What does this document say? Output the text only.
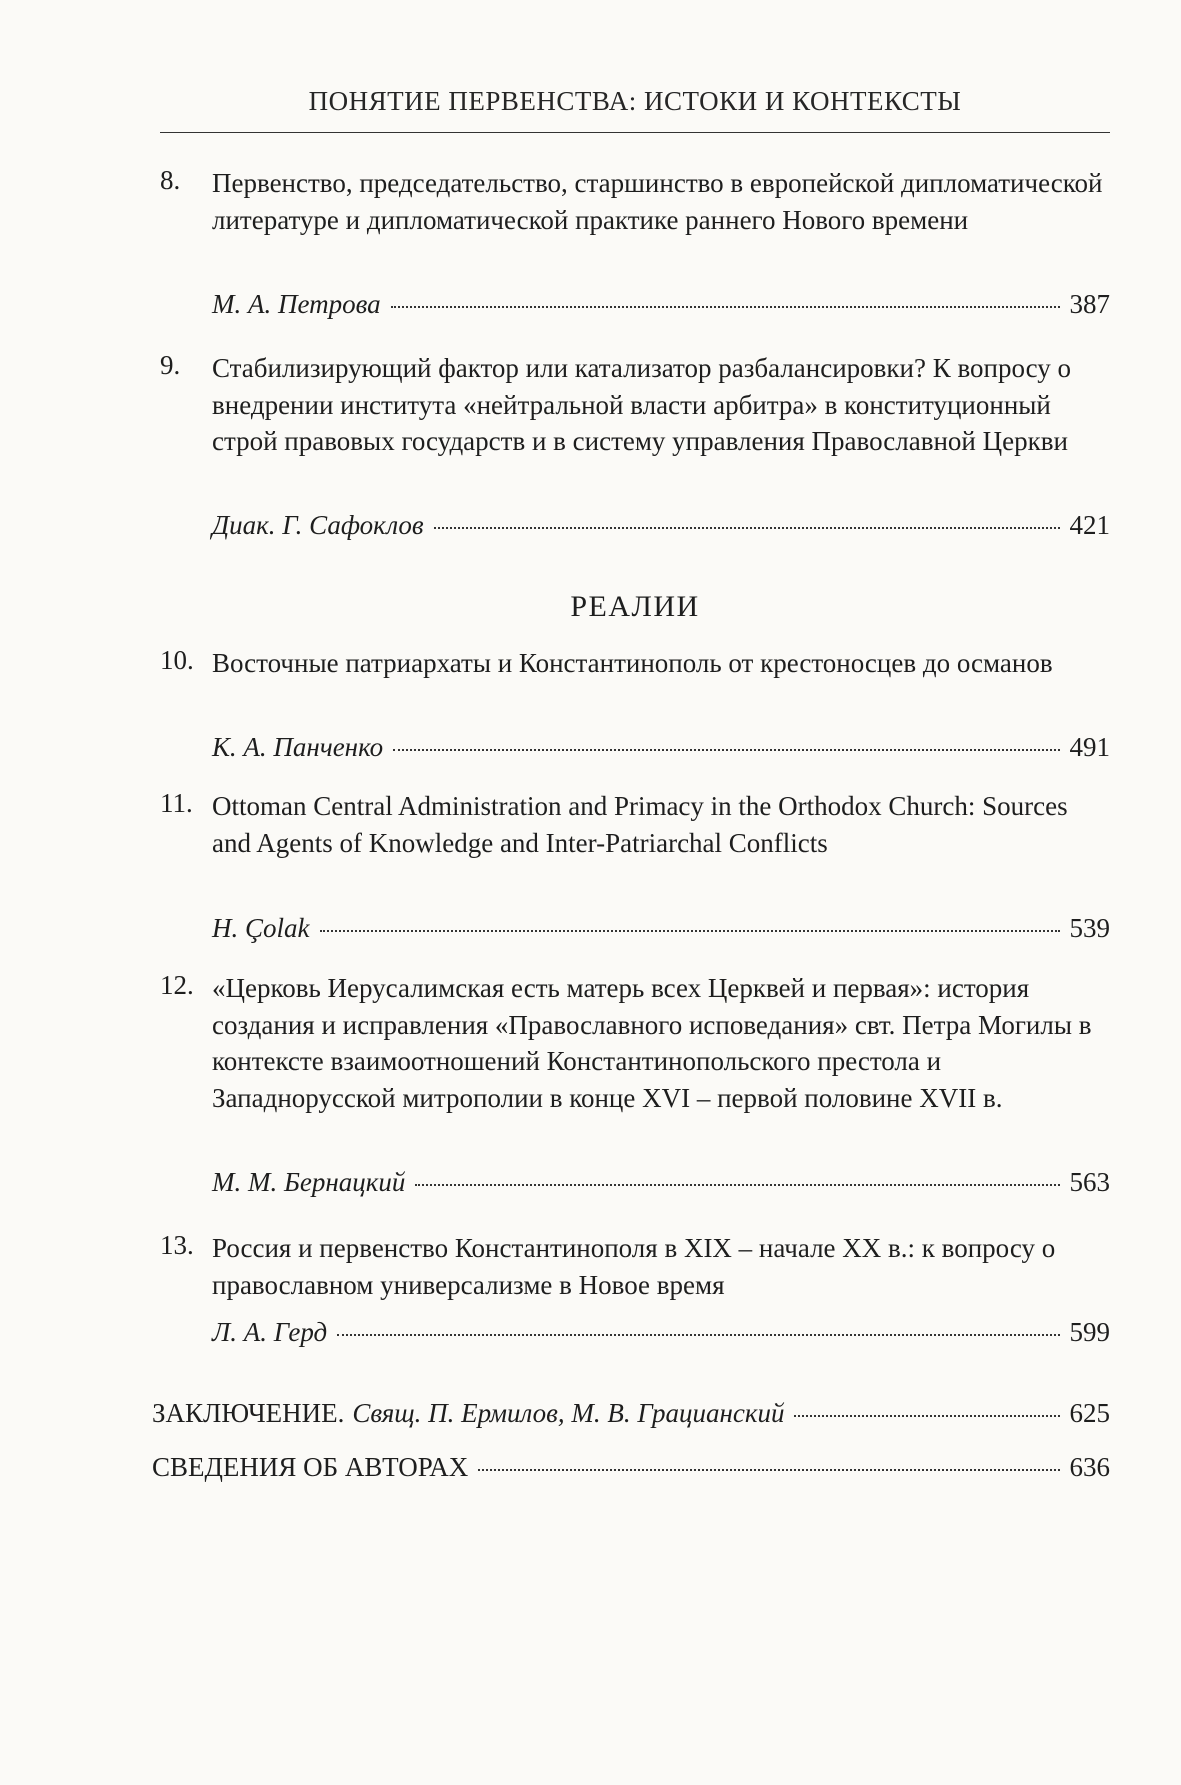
ПОНЯТИЕ ПЕРВЕНСТВА: ИСТОКИ И КОНТЕКСТЫ
8. Первенство, председательство, старшинство в европейской дипломатической литературе и дипломатической практике раннего Нового времени
М. А. Петрова	387
9. Стабилизирующий фактор или катализатор разбалансировки? К вопросу о внедрении института «нейтральной власти арбитра» в конституционный строй правовых государств и в систему управления Православной Церкви
Диак. Г. Сафоклов	421
РЕАЛИИ
10. Восточные патриархаты и Константинополь от крестоносцев до османов
К. А. Панченко	491
11. Ottoman Central Administration and Primacy in the Orthodox Church: Sources and Agents of Knowledge and Inter-Patriarchal Conflicts
H. Çolak	539
12. «Церковь Иерусалимская есть матерь всех Церквей и первая»: история создания и исправления «Православного исповедания» свт. Петра Могилы в контексте взаимоотношений Константинопольского престола и Западнорусской митрополии в конце XVI – первой половине XVII в.
М. М. Бернацкий	563
13. Россия и первенство Константинополя в XIX – начале XX в.: к вопросу о православном универсализме в Новое время
Л. А. Герд	599
ЗАКЛЮЧЕНИЕ. Свящ. П. Ермилов, М. В. Грацианский	625
СВЕДЕНИЯ ОБ АВТОРАХ	636
